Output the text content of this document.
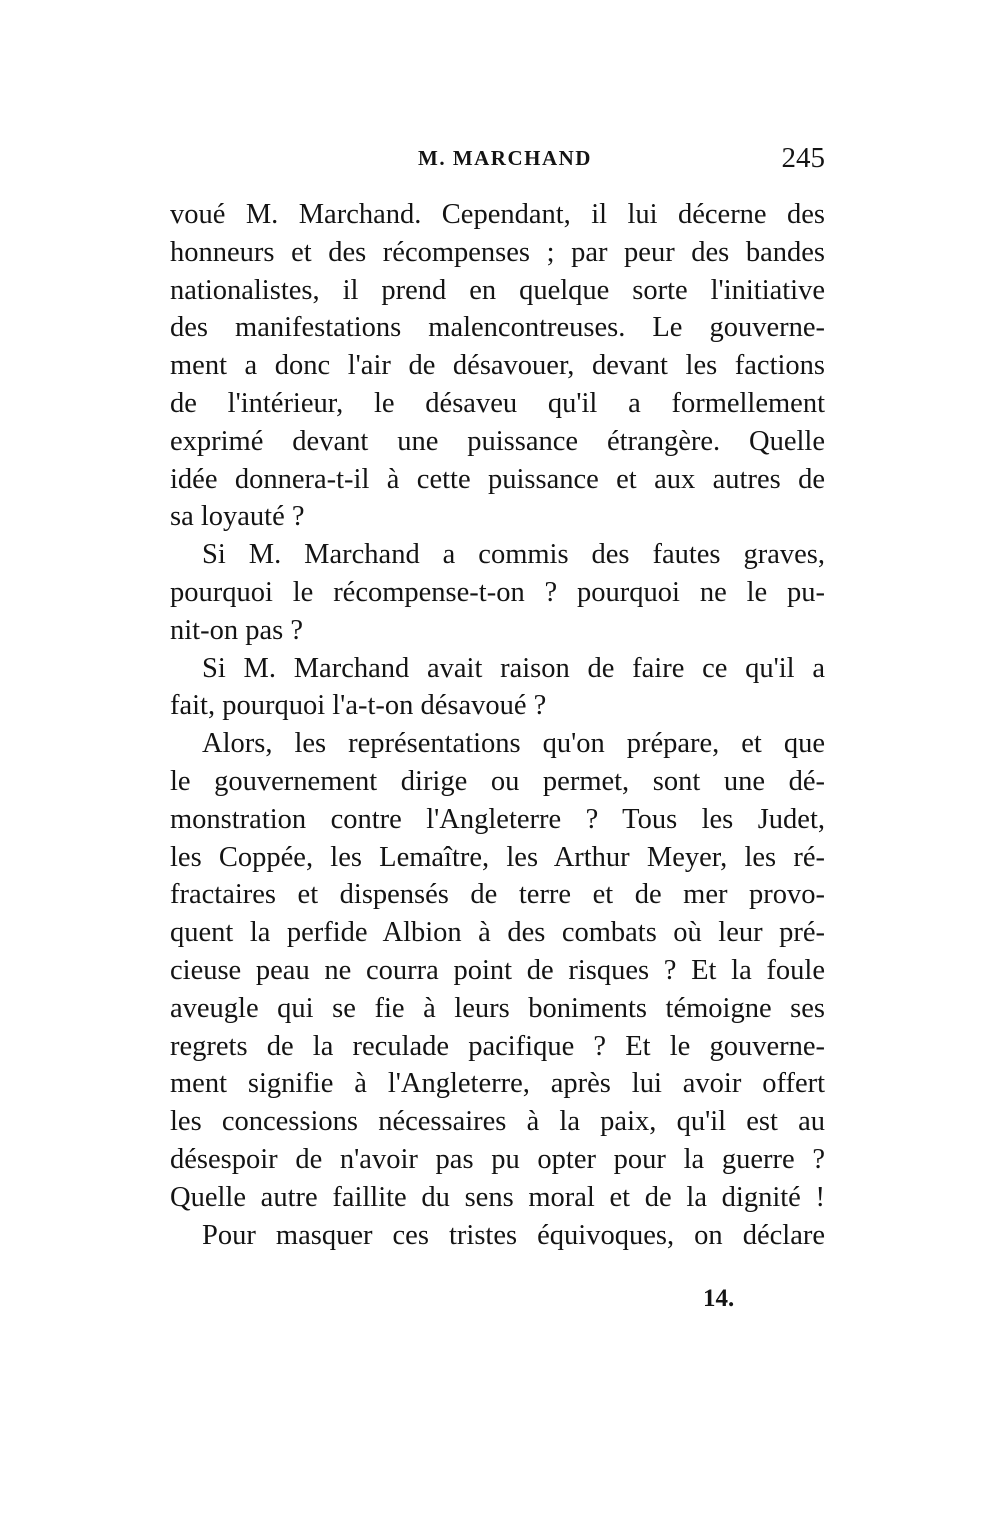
M. MARCHAND	245
voué M. Marchand. Cependant, il lui décerne des
honneurs et des récompenses ; par peur des bandes
nationalistes, il prend en quelque sorte l'initiative
des manifestations malencontreuses. Le gouverne-
ment a donc l'air de désavouer, devant les factions
de l'intérieur, le désaveu qu'il a formellement
exprimé devant une puissance étrangère. Quelle
idée donnera-t-il à cette puissance et aux autres de
sa loyauté ?
Si M. Marchand a commis des fautes graves,
pourquoi le récompense-t-on ? pourquoi ne le pu-
nit-on pas ?
Si M. Marchand avait raison de faire ce qu'il a
fait, pourquoi l'a-t-on désavoué ?
Alors, les représentations qu'on prépare, et que
le gouvernement dirige ou permet, sont une dé-
monstration contre l'Angleterre ? Tous les Judet,
les Coppée, les Lemaître, les Arthur Meyer, les ré-
fractaires et dispensés de terre et de mer provo-
quent la perfide Albion à des combats où leur pré-
cieuse peau ne courra point de risques ? Et la foule
aveugle qui se fie à leurs boniments témoigne ses
regrets de la reculade pacifique ? Et le gouverne-
ment signifie à l'Angleterre, après lui avoir offert
les concessions nécessaires à la paix, qu'il est au
désespoir de n'avoir pas pu opter pour la guerre ?
Quelle autre faillite du sens moral et de la dignité !
Pour masquer ces tristes équivoques, on déclare
14.
